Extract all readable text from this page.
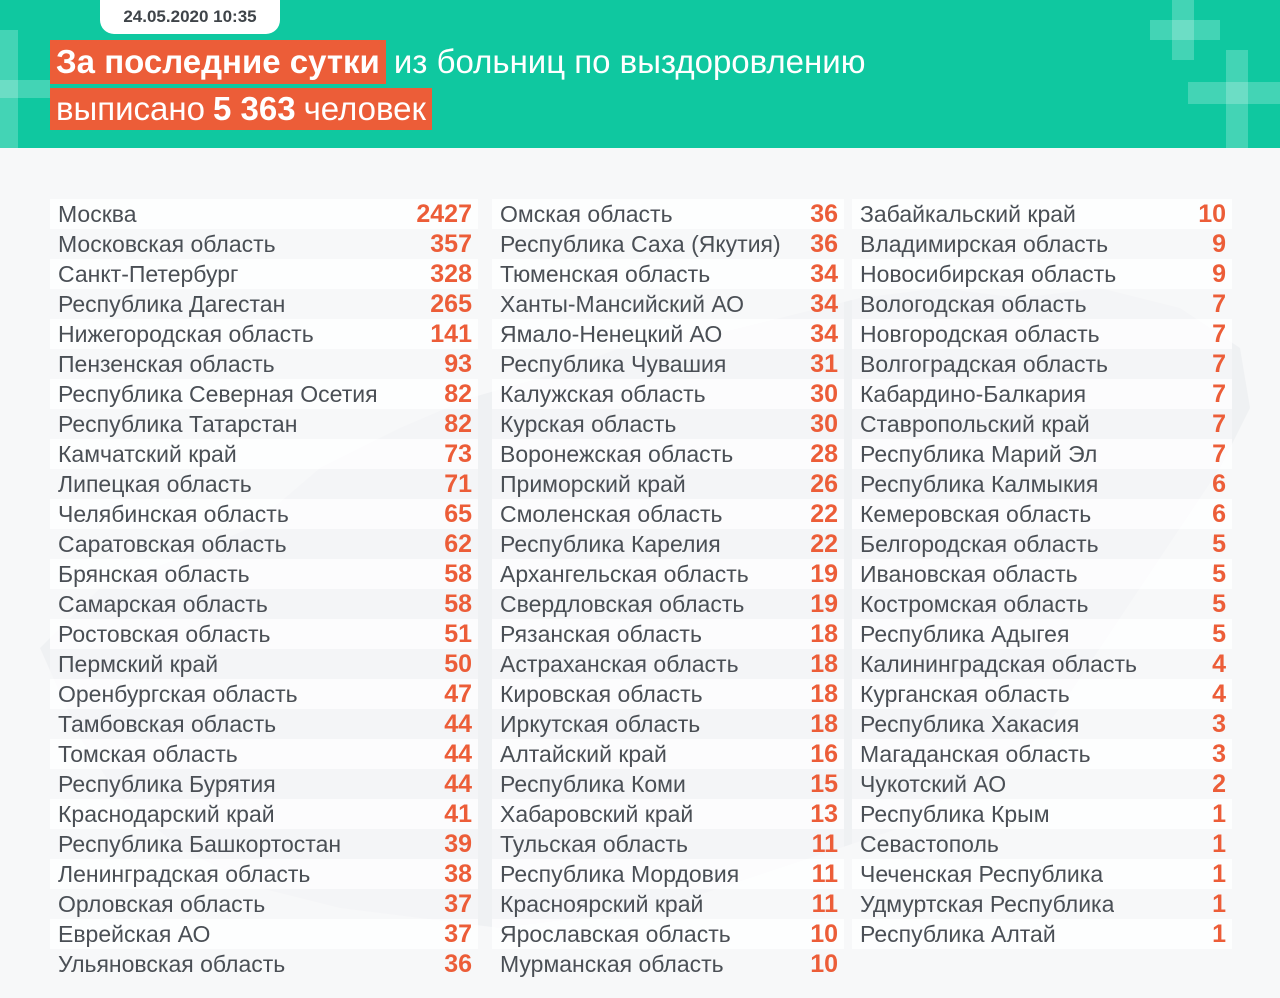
24.05.2020 10:35
За последние сутки из больниц по выздоровлению
выписано 5 363 человек
Москва	2427
Московская область	357
Санкт-Петербург	328
Республика Дагестан	265
Нижегородская область	141
Пензенская область	93
Республика Северная Осетия	82
Республика Татарстан	82
Камчатский край	73
Липецкая область	71
Челябинская область	65
Саратовская область	62
Брянская область	58
Самарская область	58
Ростовская область	51
Пермский край	50
Оренбургская область	47
Тамбовская область	44
Томская область	44
Республика Бурятия	44
Краснодарский край	41
Республика Башкортостан	39
Ленинградская область	38
Орловская область	37
Еврейская АО	37
Ульяновская область	36
Омская область	36
Республика Саха (Якутия) 36
Тюменская область	34
Ханты-Мансийский АО	34
Ямало-Ненецкий АО	34
Республика Чувашия	31
Калужская область	30
Курская область	30
Воронежская область	28
Приморский край	26
Смоленская область	22
Республика Карелия	22
Архангельская область 19
Свердловская область	19
Рязанская область	18
Астраханская область	18
Кировская область	18
Иркутская область	18
Алтайский край	16
Республика Коми	15
Хабаровский край	13
Тульская область	11
Республика Мордовия	11
Красноярский край	11
Ярославская область	10
Мурманская область	10
Забайкальский край	10
Владимирская область	9
Новосибирская область	9
Вологодская область	7
Новгородская область	7
Волгоградская область	7
Кабардино-Балкария	7
Ставропольский край	7
Республика Марий Эл	7
Республика Калмыкия	6
Кемеровская область	6
Белгородская область	5
Ивановская область	5
Костромская область	5
Республика Адыгея	5
Калининградская область	4
Курганская область	4
Республика Хакасия	3
Магаданская область	3
Чукотский АО	2
Республика Крым	1
Севастополь	1
Чеченская Республика	1
Удмуртская Республика	1
Республика Алтай	1
